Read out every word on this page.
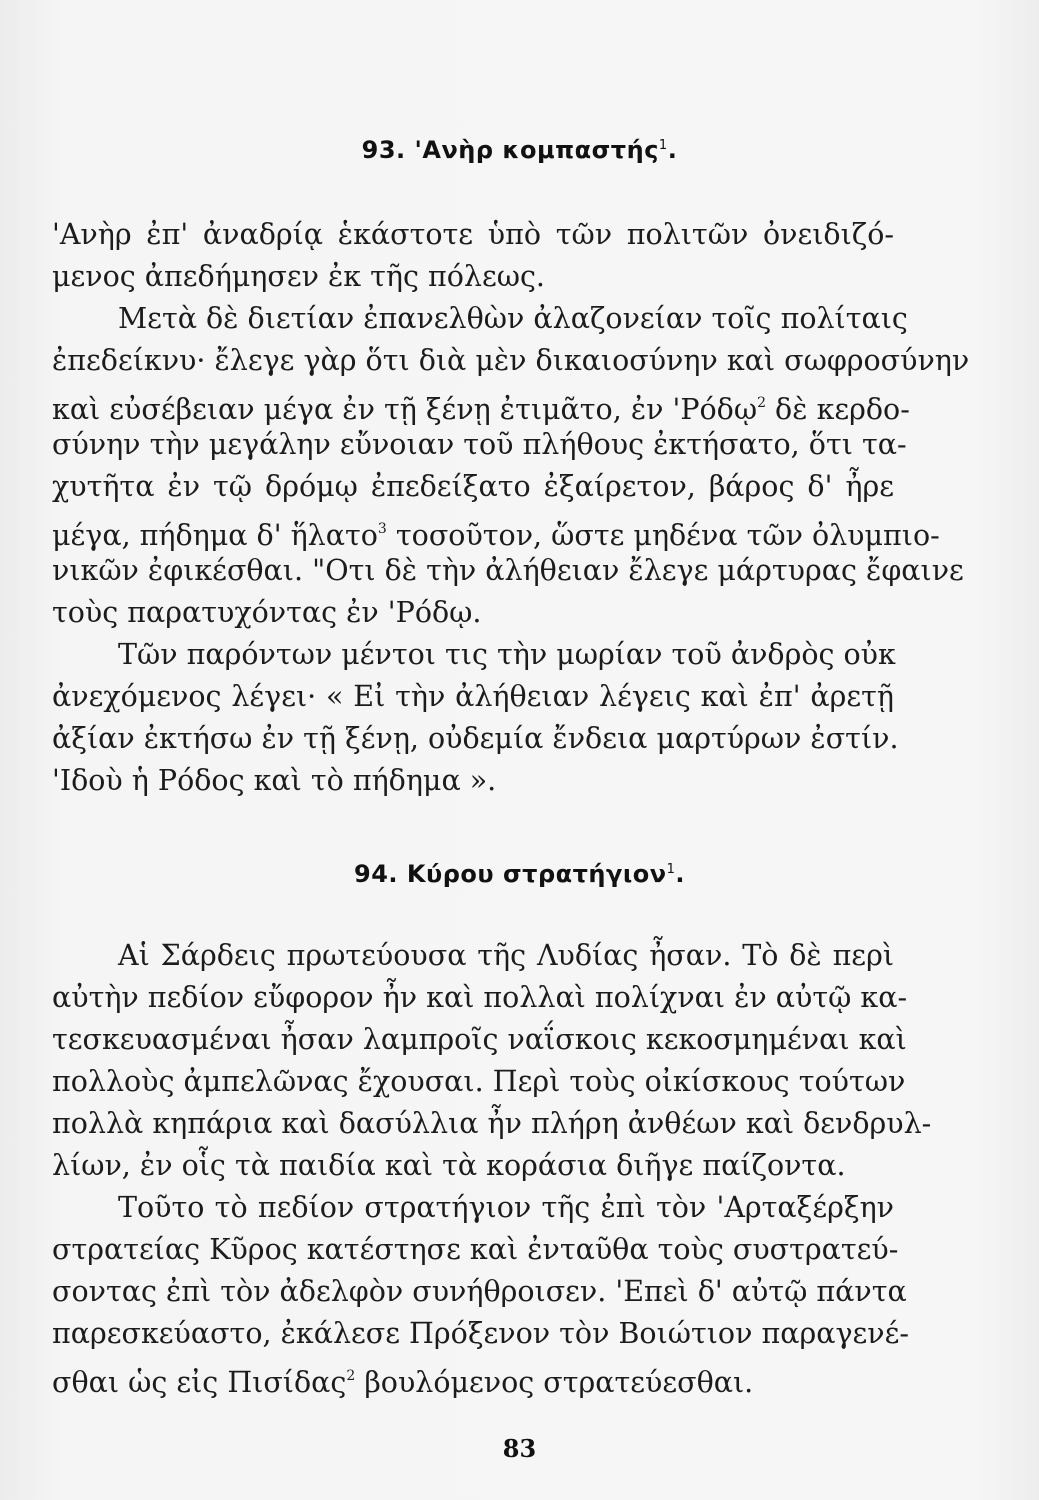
93. 'Ανὴρ κομπαστής$^1$.
'Ανὴρ ἐπ' ἀναδρίᾳ ἑκάστοτε ὑπὸ τῶν πολιτῶν ὀνειδιζό-
μενος ἀπεδήμησεν ἐκ τῆς πόλεως.
Μετὰ δὲ διετίαν ἐπανελθὼν ἀλαζονείαν τοῖς πολίταις
ἐπεδείκνυ· ἔλεγε γὰρ ὅτι διὰ μὲν δικαιοσύνην καὶ σωφροσύνην
καὶ εὐσέβειαν μέγα ἐν τῇ ξένῃ ἐτιμᾶτο, ἐν 'Ρόδῳ$^2$ δὲ κερδο-
σύνην τὴν μεγάλην εὔνοιαν τοῦ πλήθους ἐκτήσατο, ὅτι τα-
χυτῆτα ἐν τῷ δρόμῳ ἐπεδείξατο ἐξαίρετον, βάρος δ' ἦρε
μέγα, πήδημα δ' ἥλατο$^3$ τοσοῦτον, ὥστε μηδένα τῶν ὀλυμπιο-
νικῶν ἐφικέσθαι. "Οτι δὲ τὴν ἀλήθειαν ἔλεγε μάρτυρας ἔφαινε
τοὺς παρατυχόντας ἐν 'Ρόδῳ.
Τῶν παρόντων μέντοι τις τὴν μωρίαν τοῦ ἀνδρὸς οὐκ
ἀνεχόμενος λέγει· « Εἰ τὴν ἀλήθειαν λέγεις καὶ ἐπ' ἀρετῇ
ἀξίαν ἐκτήσω ἐν τῇ ξένῃ, οὐδεμία ἔνδεια μαρτύρων ἐστίν.
'Ιδοὺ ἡ Ρόδος καὶ τὸ πήδημα ».
94. Κύρου στρατήγιον$^1$.
Αἱ Σάρδεις πρωτεύουσα τῆς Λυδίας ἦσαν. Τὸ δὲ περὶ
αὐτὴν πεδίον εὔφορον ἦν καὶ πολλαὶ πολίχναι ἐν αὐτῷ κα-
τεσκευασμέναι ἦσαν λαμπροῖς ναΐσκοις κεκοσμημέναι καὶ
πολλοὺς ἀμπελῶνας ἔχουσαι. Περὶ τοὺς οἰκίσκους τούτων
πολλὰ κηπάρια καὶ δασύλλια ἦν πλήρη ἀνθέων καὶ δενδρυλ-
λίων, ἐν οἷς τὰ παιδία καὶ τὰ κοράσια διῆγε παίζοντα.
Τοῦτο τὸ πεδίον στρατήγιον τῆς ἐπὶ τὸν 'Αρταξέρξην
στρατείας Κῦρος κατέστησε καὶ ἐνταῦθα τοὺς συστρατεύ-
σοντας ἐπὶ τὸν ἀδελφὸν συνήθροισεν. 'Επεὶ δ' αὐτῷ πάντα
παρεσκεύαστο, ἐκάλεσε Πρόξενον τὸν Βοιώτιον παραγενέ-
σθαι ὡς εἰς Πισίδας$^2$ βουλόμενος στρατεύεσθαι.
83
